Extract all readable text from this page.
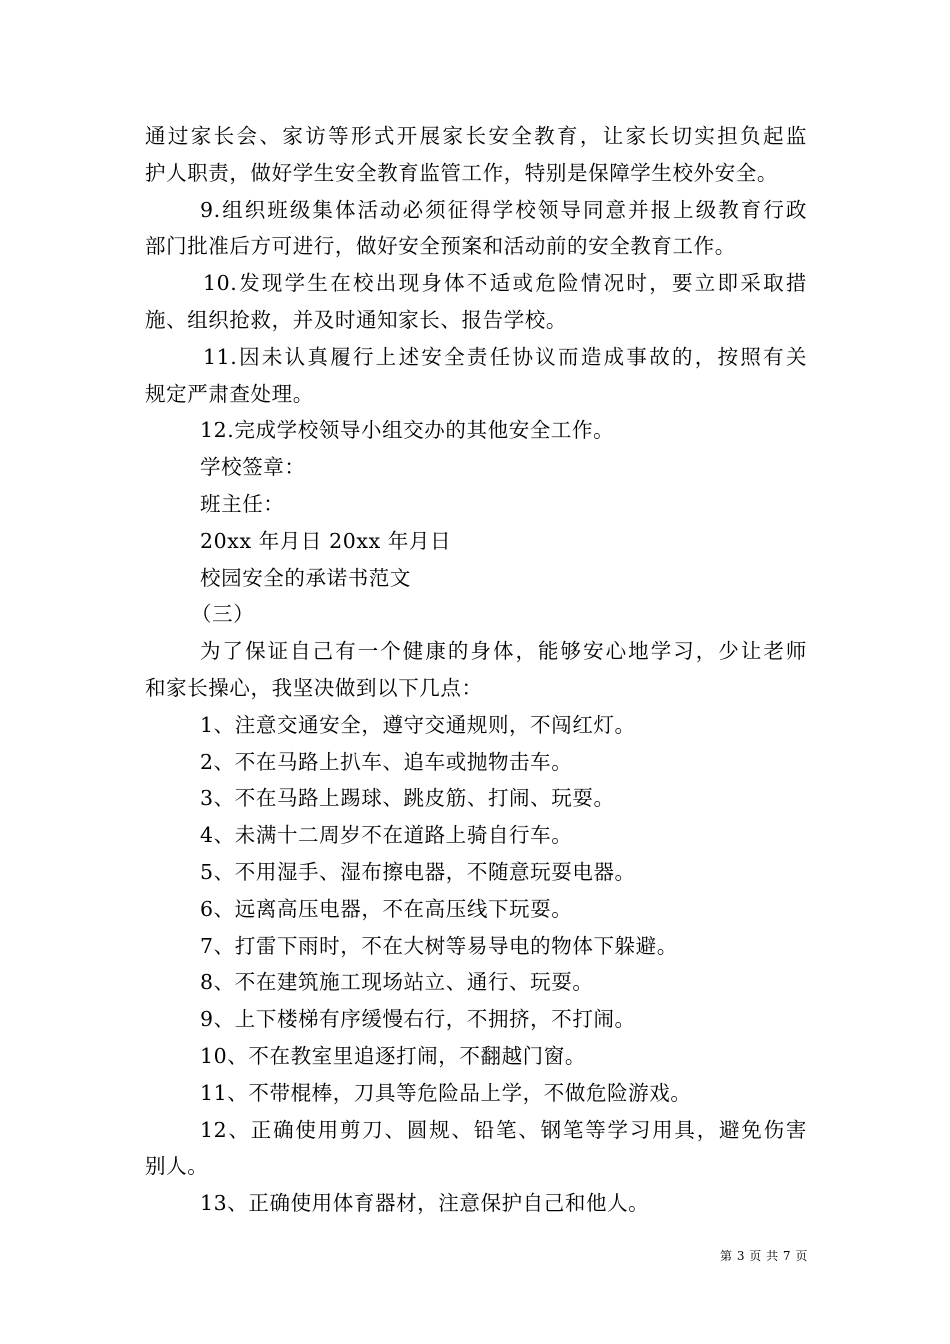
通过家长会、家访等形式开展家长安全教育，让家长切实担负起监
护人职责，做好学生安全教育监管工作，特别是保障学生校外安全。
9.组织班级集体活动必须征得学校领导同意并报上级教育行政
部门批准后方可进行，做好安全预案和活动前的安全教育工作。
10.发现学生在校出现身体不适或危险情况时，要立即采取措
施、组织抢救，并及时通知家长、报告学校。
11.因未认真履行上述安全责任协议而造成事故的，按照有关
规定严肃查处理。
12.完成学校领导小组交办的其他安全工作。
学校签章：
班主任：
20xx 年月日 20xx 年月日
校园安全的承诺书范文
（三）
为了保证自己有一个健康的身体，能够安心地学习，少让老师
和家长操心，我坚决做到以下几点：
1、注意交通安全，遵守交通规则，不闯红灯。
2、不在马路上扒车、追车或抛物击车。
3、不在马路上踢球、跳皮筋、打闹、玩耍。
4、未满十二周岁不在道路上骑自行车。
5、不用湿手、湿布擦电器，不随意玩耍电器。
6、远离高压电器，不在高压线下玩耍。
7、打雷下雨时，不在大树等易导电的物体下躲避。
8、不在建筑施工现场站立、通行、玩耍。
9、上下楼梯有序缓慢右行，不拥挤，不打闹。
10、不在教室里追逐打闹，不翻越门窗。
11、不带棍棒，刀具等危险品上学，不做危险游戏。
12、正确使用剪刀、圆规、铅笔、钢笔等学习用具，避免伤害
别人。
13、正确使用体育器材，注意保护自己和他人。
第 3 页 共 7 页
